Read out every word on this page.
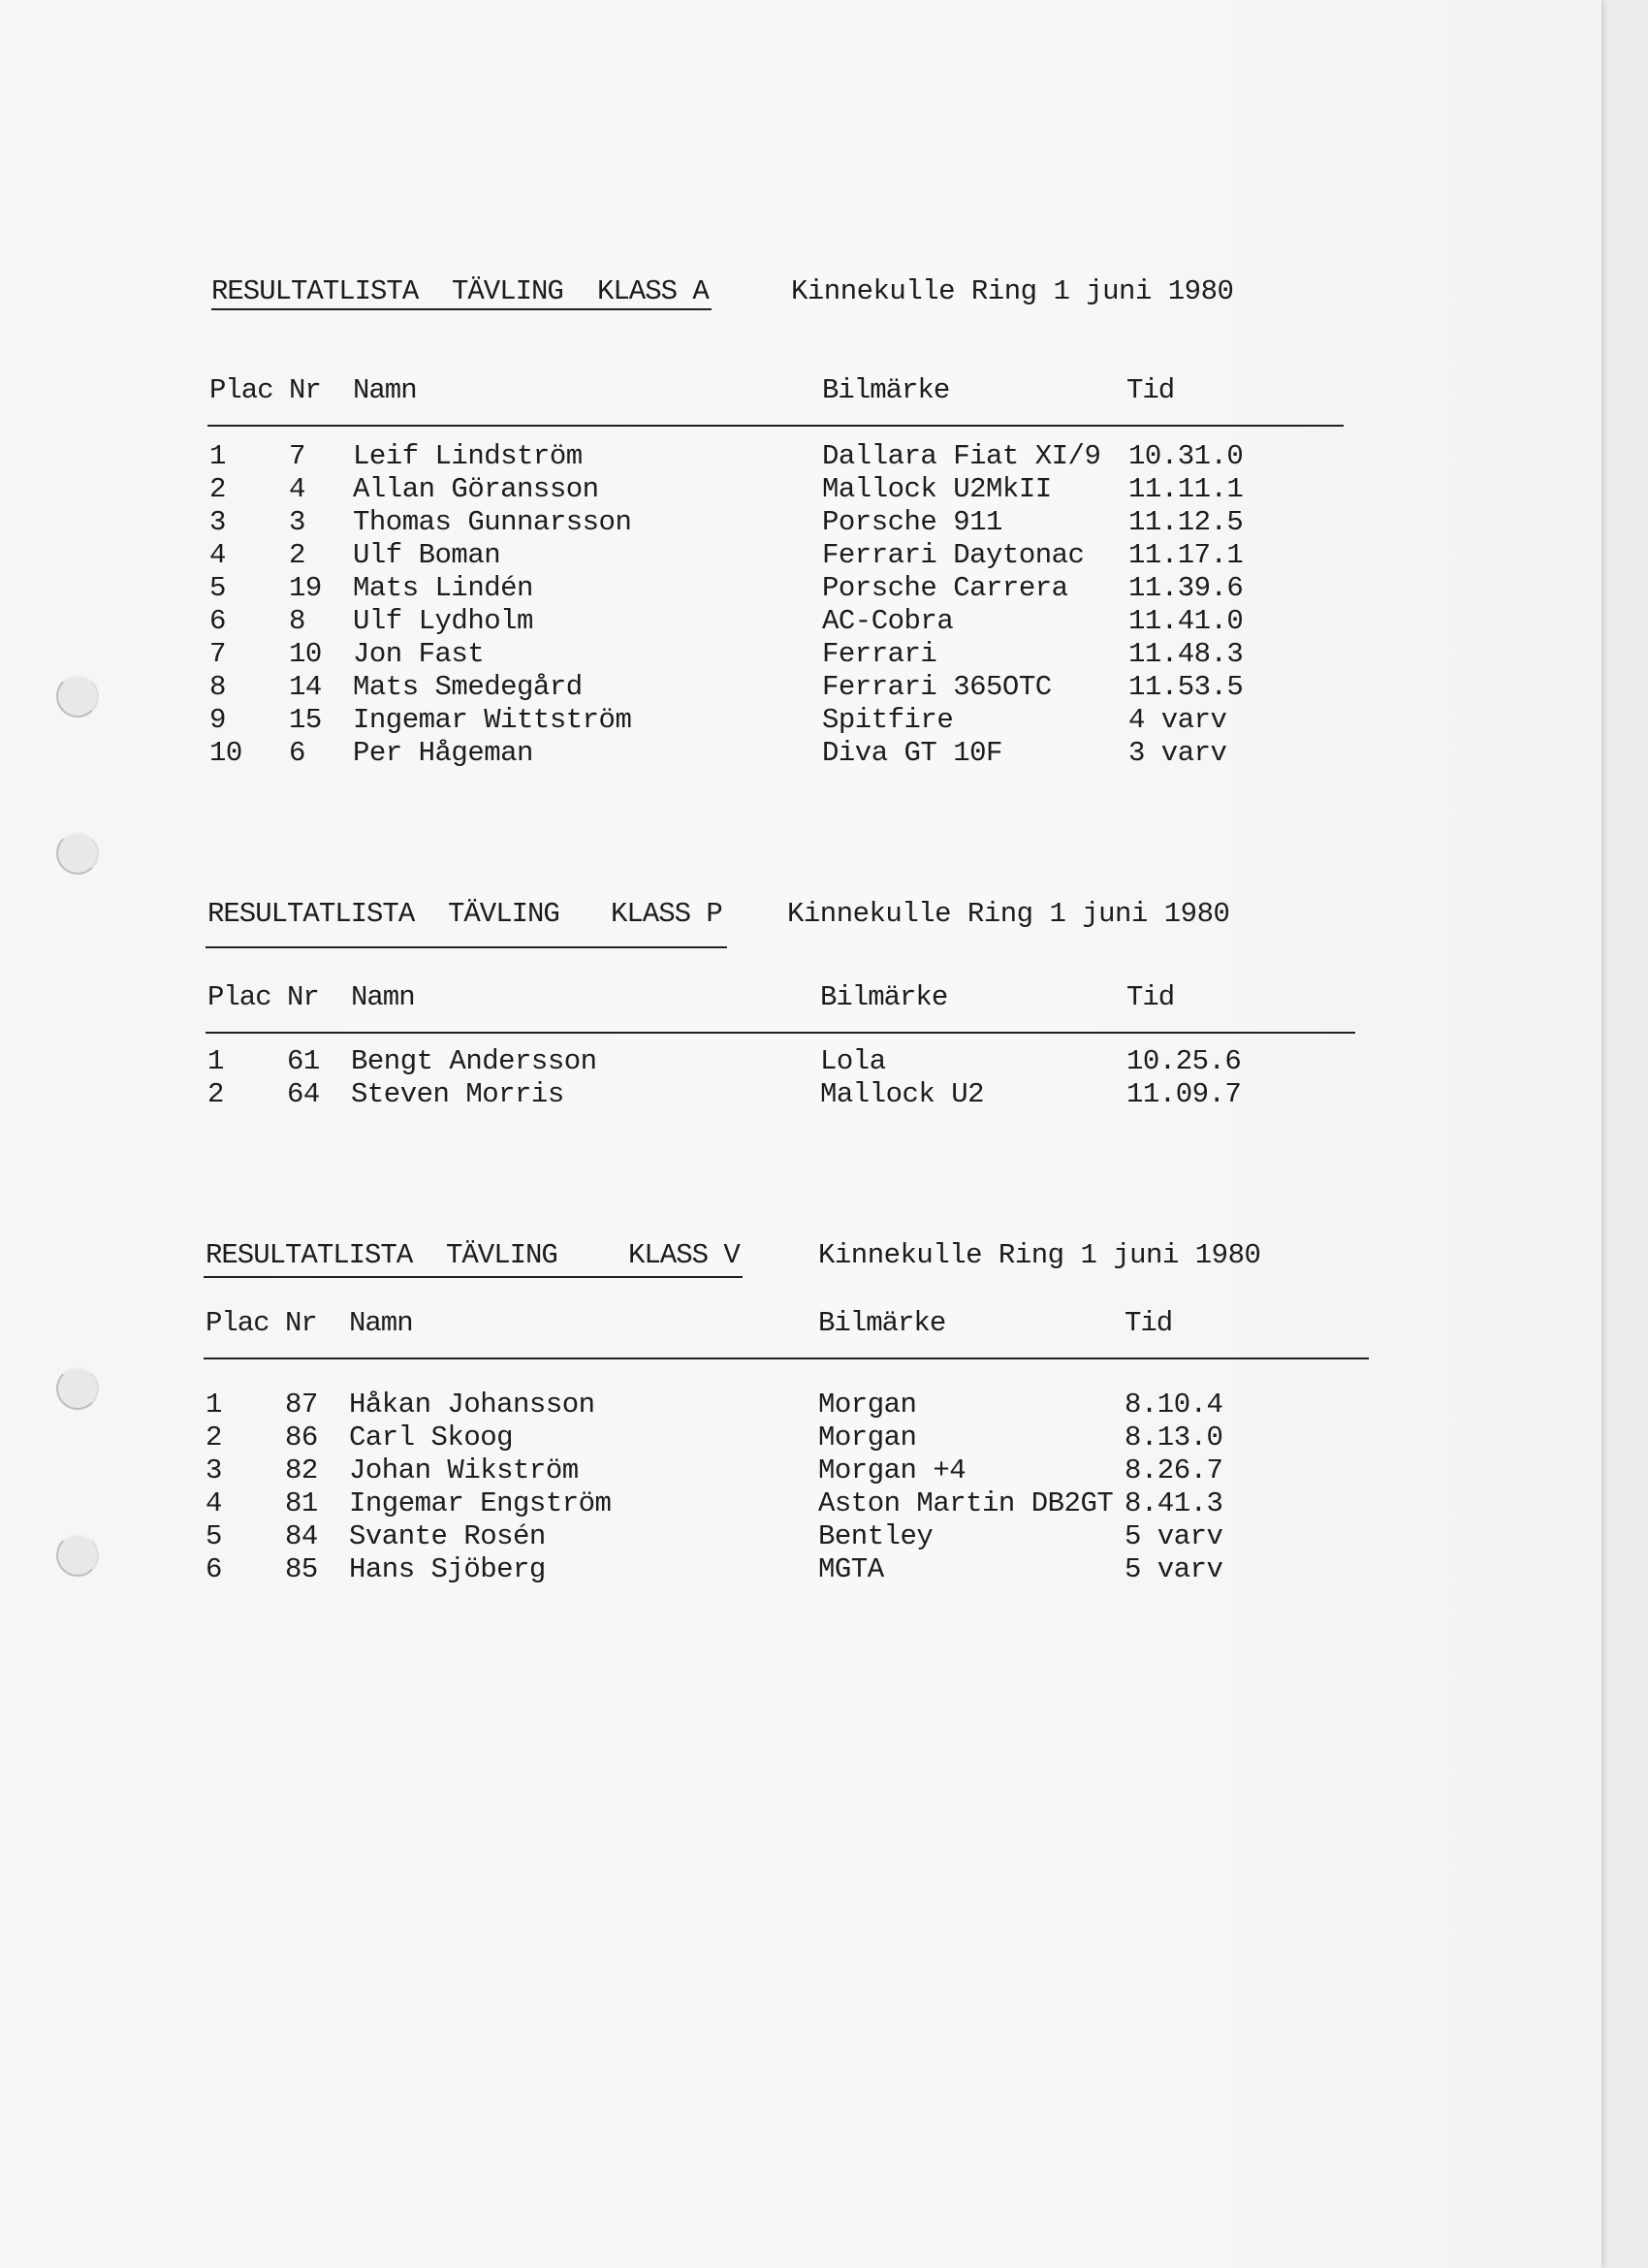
RESULTATLISTA TÄVLING KLASS A	Kinnekulle Ring 1 juni 1980
Plac Nr Namn	Bilmärke	Tid
1 7 Leif Lindström	Dallara Fiat XI/9 10.31.0
2 4 Allan Göransson	Mallock U2MkII	11.11.1
3 3 Thomas Gunnarsson	Porsche 911	11.12.5
4 2 Ulf Boman	Ferrari Daytonac 11.17.1
5 19 Mats Lindén	Porsche Carrera 11.39.6
6 8 Ulf Lydholm	AC-Cobra	11.41.0
7 10 Jon Fast	Ferrari	11.48.3
8 14 Mats Smedegård	Ferrari 365OTC	11.53.5
9 15 Ingemar Wittström	Spitfire	4 varv
10 6 Per Hågeman	Diva GT 10F	3 varv
RESULTATLISTA TÄVLING KLASS P Kinnekulle Ring 1 juni 1980
Plac Nr Namn	Bilmärke	Tid
1 61 Bengt Andersson	Lola	10.25.6
2 64 Steven Morris	Mallock U2	11.09.7
RESULTATLISTA TÄVLING	KLASS V	Kinnekulle Ring 1 juni 1980
Plac Nr Namn	Bilmärke	Tid
1 87 Håkan Johansson	Morgan	8.10.4
2 86 Carl Skoog	Morgan	8.13.0
3 82 Johan Wikström	Morgan +4	8.26.7
4 81 Ingemar Engström	Aston Martin DB2GT 8.41.3
5 84 Svante Rosén	Bentley	5 varv
6 85 Hans Sjöberg	MGTA	5 varv
